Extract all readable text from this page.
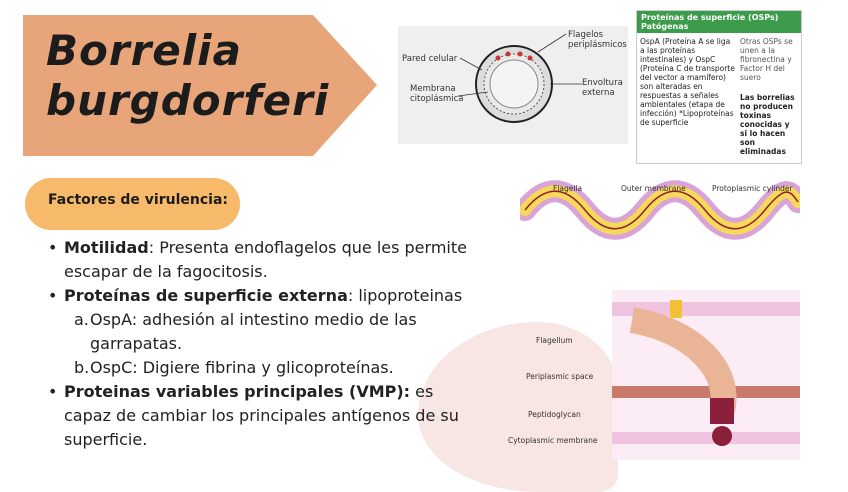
Borrelia
burgdorferi
Factores de virulencia:
• Motilidad: Presenta endoflagelos que les permite escapar de la fagocitosis.

• Proteínas de superficie externa: lipoproteinas

a. OspA: adhesión al intestino medio de las garrapatas.

b. OspC: Digiere fibrina y glicoproteínas.

• Proteinas variables principales (VMP): es capaz de cambiar los principales antígenos de su superficie.

Pared celular
Flagelos periplásmicos
Membrana citoplásmica
Envoltura externa
Proteínas de superficie (OSPs) Patógenas
OspA (Proteína A se liga a las proteínas intestinales) y OspC (Proteína C de transporte del vector a mamífero) son alteradas en respuestas a señales ambientales (etapa de infección) *Lipoproteínas de superficie
Otras OSPs se unen a la fibronectina y Factor H del suero
Las borrelias no producen toxinas conocidas y si lo hacen son eliminadas
Flagella	Outer membrane	Protoplasmic cylinder
Flagellum
Periplasmic space
Peptidoglycan
Cytoplasmic membrane
